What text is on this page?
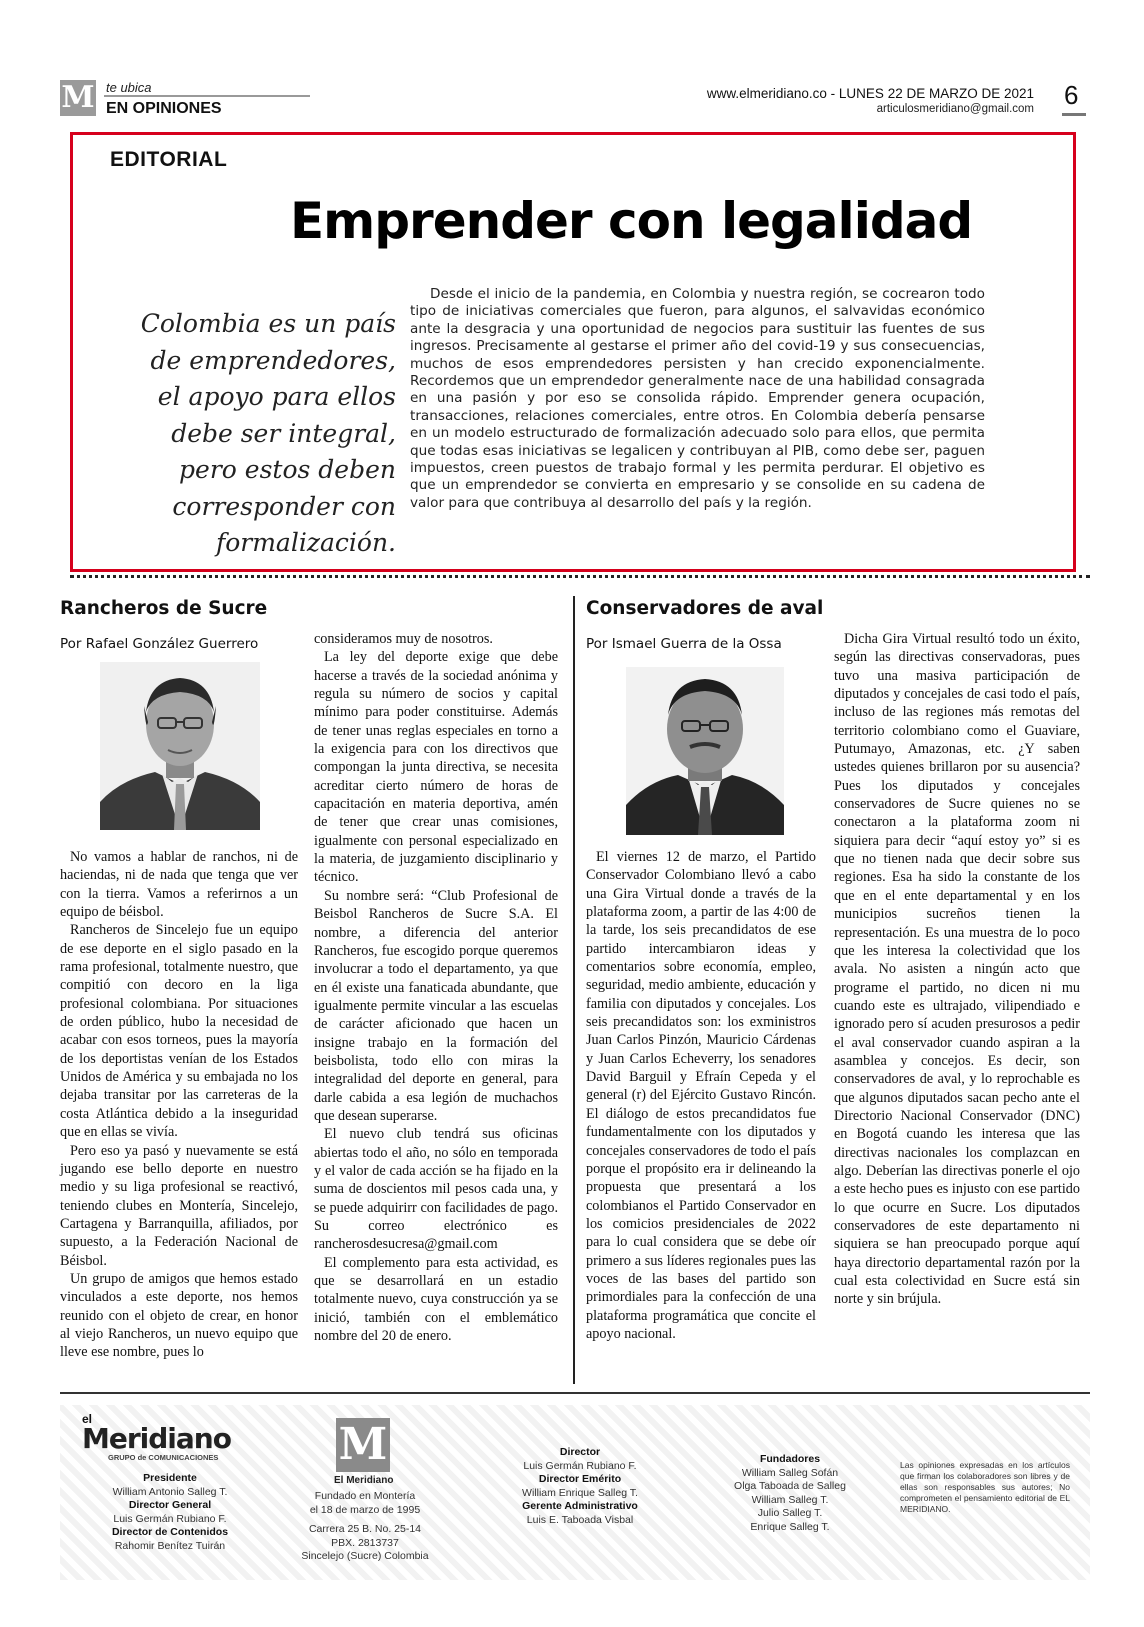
M te ubica
EN OPINIONES
www.elmeridiano.co - LUNES 22 DE MARZO DE 2021
articulosmeridiano@gmail.com 6
EDITORIAL
Emprender con legalidad
Colombia es un país de emprendedores, el apoyo para ellos debe ser integral, pero estos deben corresponder con formalización.
Desde el inicio de la pandemia, en Colombia y nuestra región, se cocrearon todo tipo de iniciativas comerciales que fueron, para algunos, el salvavidas económico ante la desgracia y una oportunidad de negocios para sustituir las fuentes de sus ingresos. Precisamente al gestarse el primer año del covid-19 y sus consecuencias, muchos de esos emprendedores persisten y han crecido exponencialmente. Recordemos que un emprendedor generalmente nace de una habilidad consagrada en una pasión y por eso se consolida rápido. Emprender genera ocupación, transacciones, relaciones comerciales, entre otros. En Colombia debería pensarse en un modelo estructurado de formalización adecuado solo para ellos, que permita que todas esas iniciativas se legalicen y contribuyan al PIB, como debe ser, paguen impuestos, creen puestos de trabajo formal y les permita perdurar. El objetivo es que un emprendedor se convierta en empresario y se consolide en su cadena de valor para que contribuya al desarrollo del país y la región.
Rancheros de Sucre
Por Rafael González Guerrero

No vamos a hablar de ranchos, ni de haciendas, ni de nada que tenga que ver con la tierra. Vamos a referirnos a un equipo de béisbol.

Rancheros de Sincelejo fue un equipo de ese deporte en el siglo pasado en la rama profesional, totalmente nuestro, que compitió con decoro en la liga profesional colombiana. Por situaciones de orden público, hubo la necesidad de acabar con esos torneos, pues la mayoría de los deportistas venían de los Estados Unidos de América y su embajada no los dejaba transitar por las carreteras de la costa Atlántica debido a la inseguridad que en ellas se vivía.

Pero eso ya pasó y nuevamente se está jugando ese bello deporte en nuestro medio y su liga profesional se reactivó, teniendo clubes en Montería, Sincelejo, Cartagena y Barranquilla, afiliados, por supuesto, a la Federación Nacional de Béisbol.

Un grupo de amigos que hemos estado vinculados a este deporte, nos hemos reunido con el objeto de crear, en honor al viejo Rancheros, un nuevo equipo que lleve ese nombre, pues lo

consideramos muy de nosotros.

La ley del deporte exige que debe hacerse a través de la sociedad anónima y regula su número de socios y capital mínimo para poder constituirse. Además de tener unas reglas especiales en torno a la exigencia para con los directivos que compongan la junta directiva, se necesita acreditar cierto número de horas de capacitación en materia deportiva, amén de tener que crear unas comisiones, igualmente con personal especializado en la materia, de juzgamiento disciplinario y técnico.

Su nombre será: “Club Profesional de Beisbol Rancheros de Sucre S.A. El nombre, a diferencia del anterior Rancheros, fue escogido porque queremos involucrar a todo el departamento, ya que en él existe una fanaticada abundante, que igualmente permite vincular a las escuelas de carácter aficionado que hacen un insigne trabajo en la formación del beisbolista, todo ello con miras la integralidad del deporte en general, para darle cabida a esa legión de muchachos que desean superarse.

El nuevo club tendrá sus oficinas abiertas todo el año, no sólo en temporada y el valor de cada acción se ha fijado en la suma de doscientos mil pesos cada una, y se puede adquirirr con facilidades de pago. Su correo electrónico es rancherosdesucresa@gmail.com

El complemento para esta actividad, es que se desarrollará en un estadio totalmente nuevo, cuya construcción ya se inició, también con el emblemático nombre del 20 de enero.

Conservadores de aval
Por Ismael Guerra de la Ossa

El viernes 12 de marzo, el Partido Conservador Colombiano llevó a cabo una Gira Virtual donde a través de la plataforma zoom, a partir de las 4:00 de la tarde, los seis precandidatos de ese partido intercambiaron ideas y comentarios sobre economía, empleo, seguridad, medio ambiente, educación y familia con diputados y concejales. Los seis precandidatos son: los exministros Juan Carlos Pinzón, Mauricio Cárdenas y Juan Carlos Echeverry, los senadores David Barguil y Efraín Cepeda y el general (r) del Ejército Gustavo Rincón. El diálogo de estos precandidatos fue fundamentalmente con los diputados y concejales conservadores de todo el país porque el propósito era ir delineando la propuesta que presentará a los colombianos el Partido Conservador en los comicios presidenciales de 2022 para lo cual considera que se debe oír primero a sus líderes regionales pues las voces de las bases del partido son primordiales para la confección de una plataforma programática que concite el apoyo nacional.

Dicha Gira Virtual resultó todo un éxito, según las directivas conservadoras, pues tuvo una masiva participación de diputados y concejales de casi todo el país, incluso de las regiones más remotas del territorio colombiano como el Guaviare, Putumayo, Amazonas, etc. ¿Y saben ustedes quienes brillaron por su ausencia? Pues los diputados y concejales conservadores de Sucre quienes no se conectaron a la plataforma zoom ni siquiera para decir “aquí estoy yo” si es que no tienen nada que decir sobre sus regiones. Esa ha sido la constante de los que en el ente departamental y en los municipios sucreños tienen la representación. Es una muestra de lo poco que les interesa la colectividad que los avala. No asisten a ningún acto que programe el partido, no dicen ni mu cuando este es ultrajado, vilipendiado e ignorado pero sí acuden presurosos a pedir el aval conservador cuando aspiran a la asamblea y concejos. Es decir, son conservadores de aval, y lo reprochable es que algunos diputados sacan pecho ante el Directorio Nacional Conservador (DNC) en Bogotá cuando les interesa que las directivas nacionales los complazcan en algo. Deberían las directivas ponerle el ojo a este hecho pues es injusto con ese partido lo que ocurre en Sucre. Los diputados conservadores de este departamento ni siquiera se han preocupado porque aquí haya directorio departamental razón por la cual esta colectividad en Sucre está sin norte y sin brújula.

el
Meridiano
GRUPO de COMUNICACIONES
Presidente
William Antonio Salleg T.
Director General
Luis Germán Rubiano F.
Director de Contenidos
Rahomir Benítez Tuirán
M
El Meridiano
Fundado en Montería
el 18 de marzo de 1995
Carrera 25 B. No. 25-14
PBX. 2813737
Sincelejo (Sucre) Colombia
Director
Luis Germán Rubiano F.
Director Emérito
William Enrique Salleg T.
Gerente Administrativo
Luis E. Taboada Visbal
Fundadores
William Salleg Sofán
Olga Taboada de Salleg
William Salleg T.
Julio Salleg T.
Enrique Salleg T.
Las opiniones expresadas en los artículos que firman los colaboradores son libres y de ellas son responsables sus autores; No comprometen el pensamiento editorial de EL MERIDIANO.
